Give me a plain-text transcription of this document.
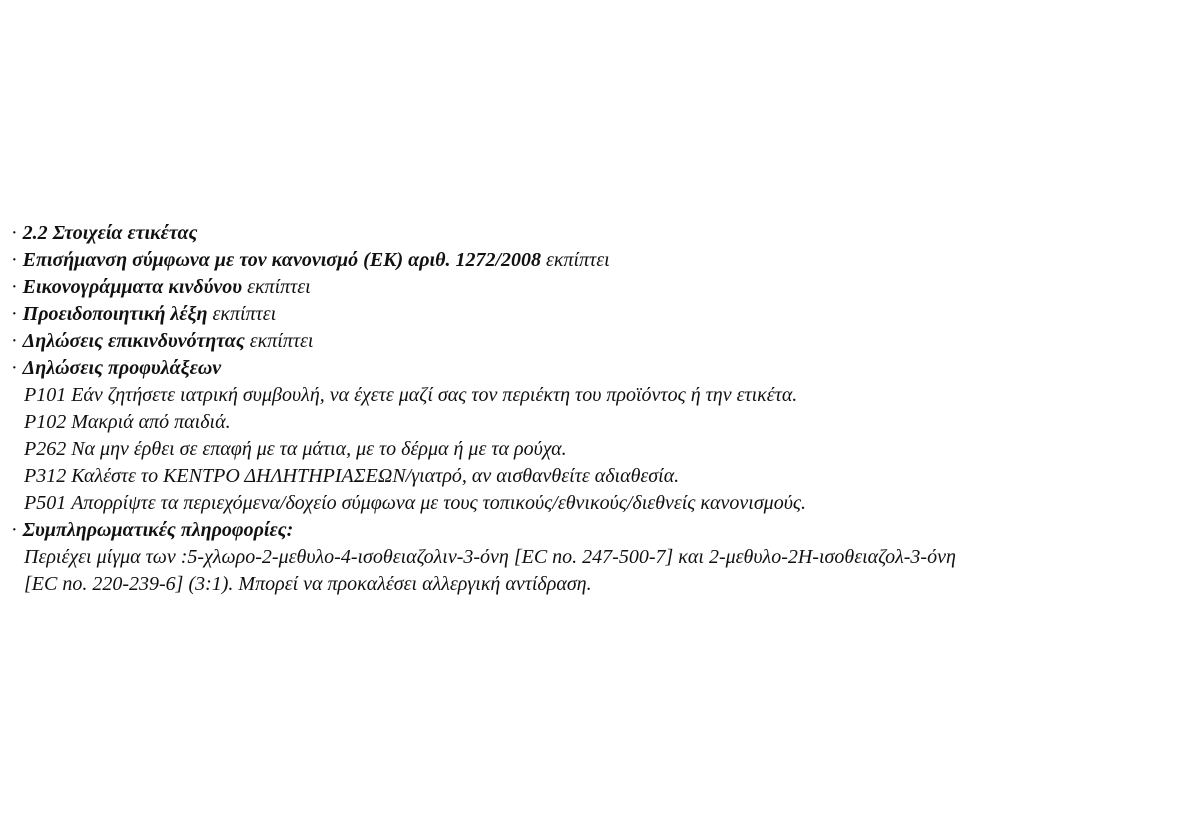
· 2.2 Στοιχεία ετικέτας
· Επισήμανση σύμφωνα με τον κανονισμό (ΕΚ) αριθ. 1272/2008 εκπίπτει
· Εικονογράμματα κινδύνου εκπίπτει
· Προειδοποιητική λέξη εκπίπτει
· Δηλώσεις επικινδυνότητας εκπίπτει
· Δηλώσεις προφυλάξεων
P101 Εάν ζητήσετε ιατρική συμβουλή, να έχετε μαζί σας τον περιέκτη του προϊόντος ή την ετικέτα.
P102 Μακριά από παιδιά.
P262 Να μην έρθει σε επαφή με τα μάτια, με το δέρμα ή με τα ρούχα.
P312 Καλέστε το ΚΕΝΤΡΟ ΔΗΛΗΤΗΡΙΑΣΕΩΝ/γιατρό, αν αισθανθείτε αδιαθεσία.
P501 Απορρίψτε τα περιεχόμενα/δοχείο σύμφωνα με τους τοπικούς/εθνικούς/διεθνείς κανονισμούς.
· Συμπληρωματικές πληροφορίες:
Περιέχει μίγμα των :5-χλωρο-2-μεθυλο-4-ισοθειαζολιν-3-όνη [EC no. 247-500-7] και 2-μεθυλο-2Η-ισοθειαζολ-3-όνη
[EC no. 220-239-6] (3:1). Μπορεί να προκαλέσει αλλεργική αντίδραση.
